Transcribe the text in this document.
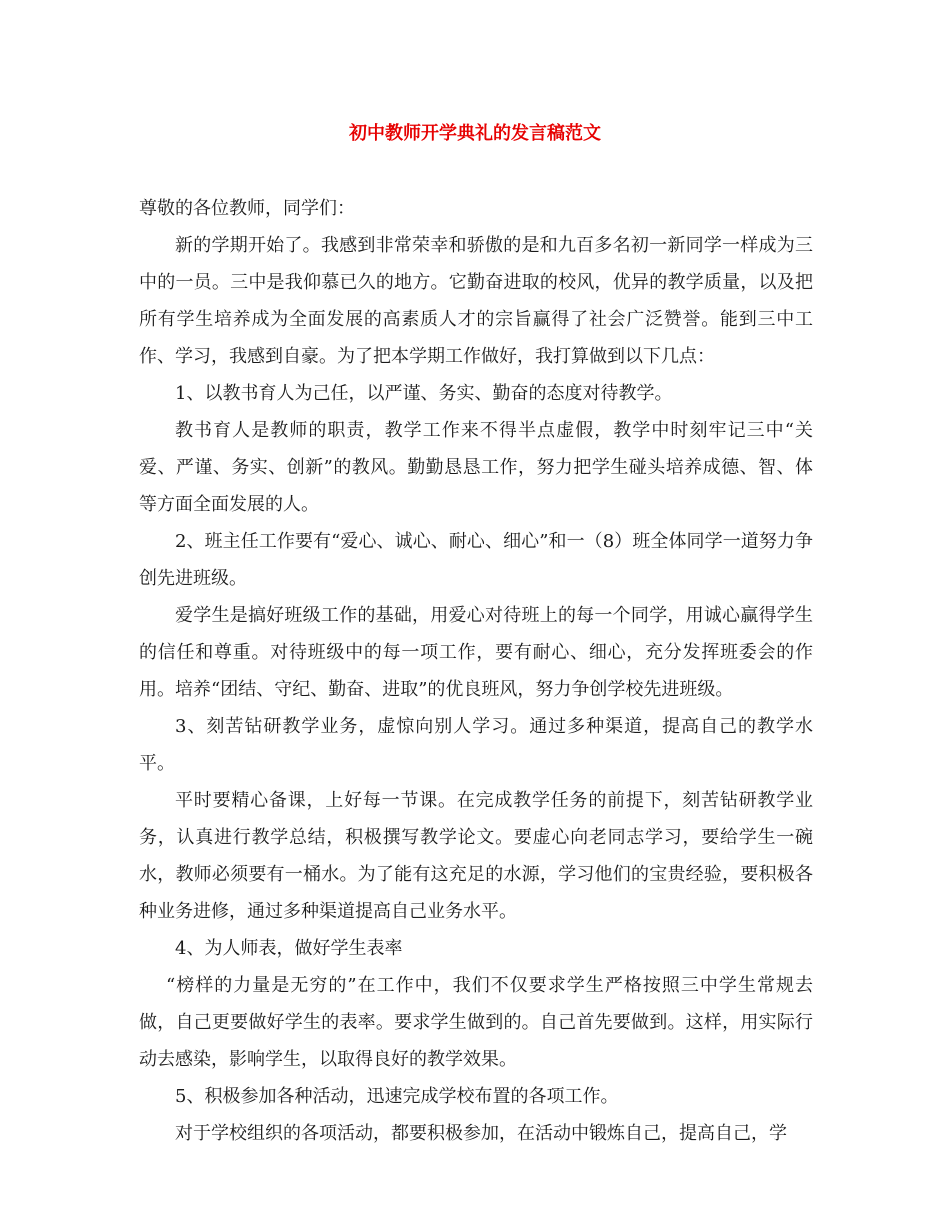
初中教师开学典礼的发言稿范文

尊敬的各位教师，同学们：

新的学期开始了。我感到非常荣幸和骄傲的是和九百多名初一新同学一样成为三中的一员。三中是我仰慕已久的地方。它勤奋进取的校风，优异的教学质量，以及把所有学生培养成为全面发展的高素质人才的宗旨赢得了社会广泛赞誉。能到三中工作、学习，我感到自豪。为了把本学期工作做好，我打算做到以下几点：

1、以教书育人为己任，以严谨、务实、勤奋的态度对待教学。

教书育人是教师的职责，教学工作来不得半点虚假，教学中时刻牢记三中“关爱、严谨、务实、创新”的教风。勤勤恳恳工作，努力把学生碰头培养成德、智、体等方面全面发展的人。

2、班主任工作要有“爱心、诚心、耐心、细心”和一（8）班全体同学一道努力争创先进班级。

爱学生是搞好班级工作的基础，用爱心对待班上的每一个同学，用诚心赢得学生的信任和尊重。对待班级中的每一项工作，要有耐心、细心，充分发挥班委会的作用。培养“团结、守纪、勤奋、进取”的优良班风，努力争创学校先进班级。

3、刻苦钻研教学业务，虚惊向别人学习。通过多种渠道，提高自己的教学水平。

平时要精心备课，上好每一节课。在完成教学任务的前提下，刻苦钻研教学业务，认真进行教学总结，积极撰写教学论文。要虚心向老同志学习，要给学生一碗水，教师必须要有一桶水。为了能有这充足的水源，学习他们的宝贵经验，要积极各种业务进修，通过多种渠道提高自己业务水平。

4、为人师表，做好学生表率

“榜样的力量是无穷的”在工作中，我们不仅要求学生严格按照三中学生常规去做，自己更要做好学生的表率。要求学生做到的。自己首先要做到。这样，用实际行动去感染，影响学生，以取得良好的教学效果。

5、积极参加各种活动，迅速完成学校布置的各项工作。

对于学校组织的各项活动，都要积极参加，在活动中锻炼自己，提高自己，学
